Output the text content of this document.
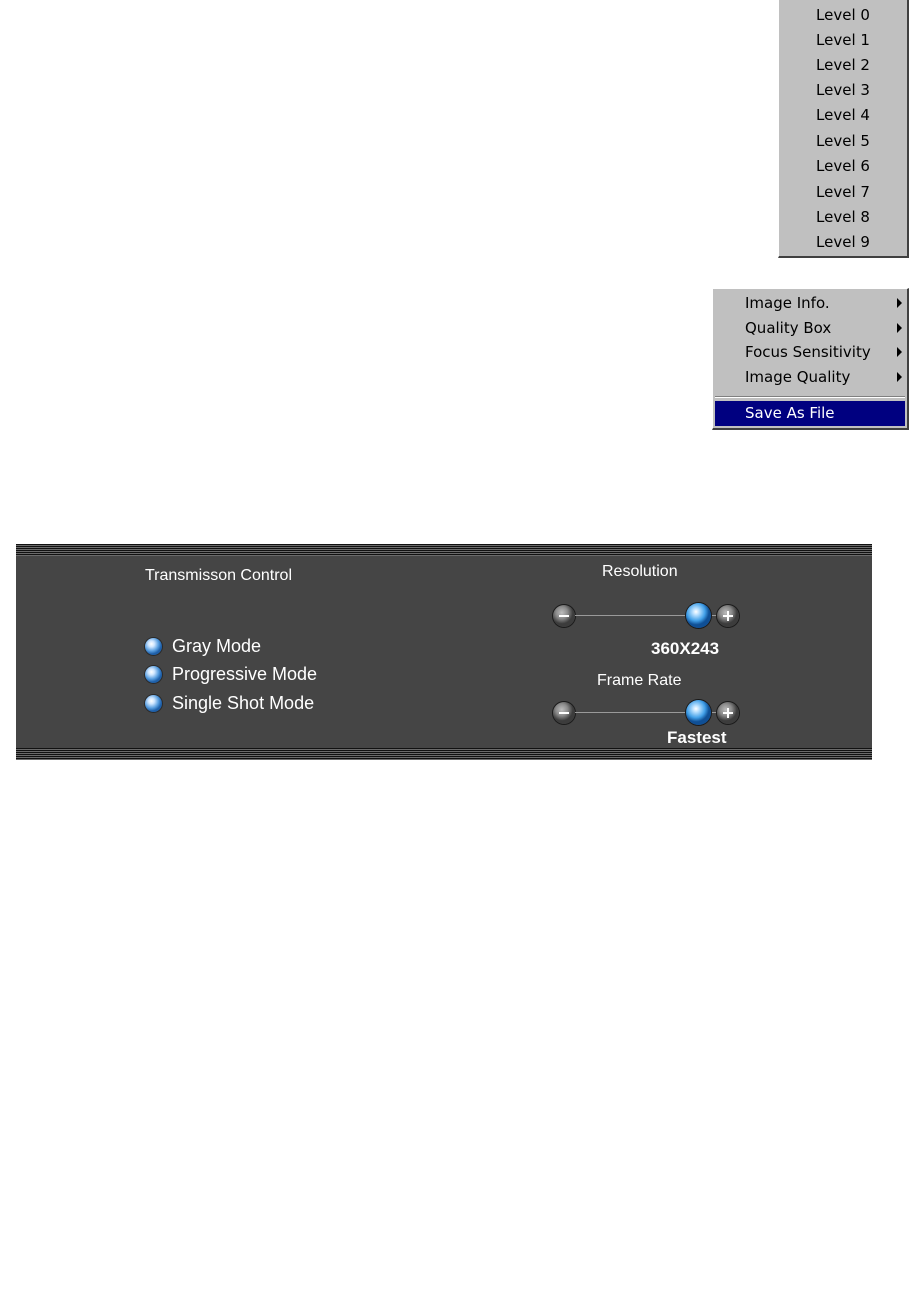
Level 0
Level 1
Level 2
Level 3
Level 4
Level 5
Level 6
Level 7
Level 8
Level 9
Image Info.
Quality Box
Focus Sensitivity
Image Quality
Save As File
Transmisson Control
Gray Mode
Progressive Mode
Single Shot Mode
Resolution
360X243
Frame Rate
Fastest
